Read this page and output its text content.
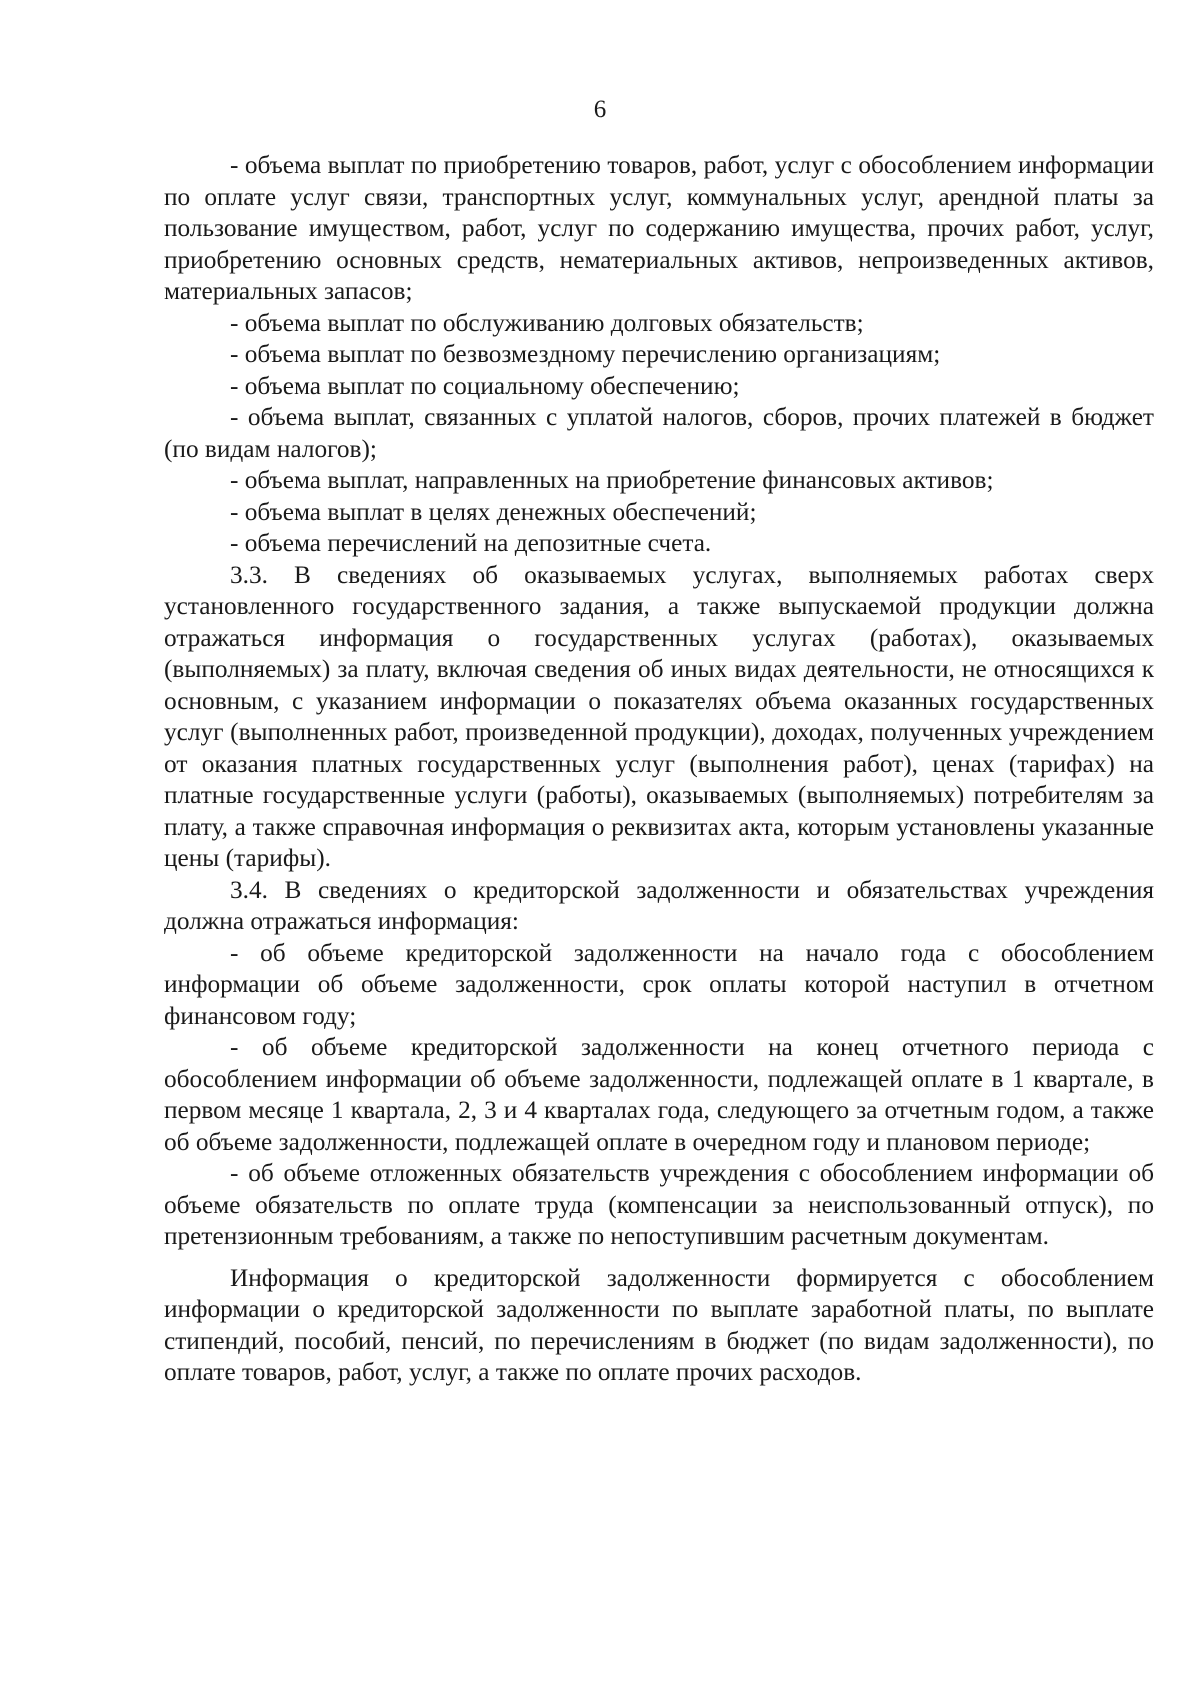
6

- объема выплат по приобретению товаров, работ, услуг с обособлением информации по оплате услуг связи, транспортных услуг, коммунальных услуг, арендной платы за пользование имуществом, работ, услуг по содержанию имущества, прочих работ, услуг, приобретению основных средств, нематериальных активов, непроизведенных активов, материальных запасов;

- объема выплат по обслуживанию долговых обязательств;

- объема выплат по безвозмездному перечислению организациям;

- объема выплат по социальному обеспечению;

- объема выплат, связанных с уплатой налогов, сборов, прочих платежей в бюджет (по видам налогов);

- объема выплат, направленных на приобретение финансовых активов;

- объема выплат в целях денежных обеспечений;

- объема перечислений на депозитные счета.

3.3. В сведениях об оказываемых услугах, выполняемых работах сверх установленного государственного задания, а также выпускаемой продукции должна отражаться информация о государственных услугах (работах), оказываемых (выполняемых) за плату, включая сведения об иных видах деятельности, не относящихся к основным, с указанием информации о показателях объема оказанных государственных услуг (выполненных работ, произведенной продукции), доходах, полученных учреждением от оказания платных государственных услуг (выполнения работ), ценах (тарифах) на платные государственные услуги (работы), оказываемых (выполняемых) потребителям за плату, а также справочная информация о реквизитах акта, которым установлены указанные цены (тарифы).

3.4. В сведениях о кредиторской задолженности и обязательствах учреждения должна отражаться информация:

- об объеме кредиторской задолженности на начало года с обособлением информации об объеме задолженности, срок оплаты которой наступил в отчетном финансовом году;

- об объеме кредиторской задолженности на конец отчетного периода с обособлением информации об объеме задолженности, подлежащей оплате в 1 квартале, в первом месяце 1 квартала, 2, 3 и 4 кварталах года, следующего за отчетным годом, а также об объеме задолженности, подлежащей оплате в очередном году и плановом периоде;

- об объеме отложенных обязательств учреждения с обособлением информации об объеме обязательств по оплате труда (компенсации за неиспользованный отпуск), по претензионным требованиям, а также по непоступившим расчетным документам.

Информация о кредиторской задолженности формируется с обособлением информации о кредиторской задолженности по выплате заработной платы, по выплате стипендий, пособий, пенсий, по перечислениям в бюджет (по видам задолженности), по оплате товаров, работ, услуг, а также по оплате прочих расходов.
